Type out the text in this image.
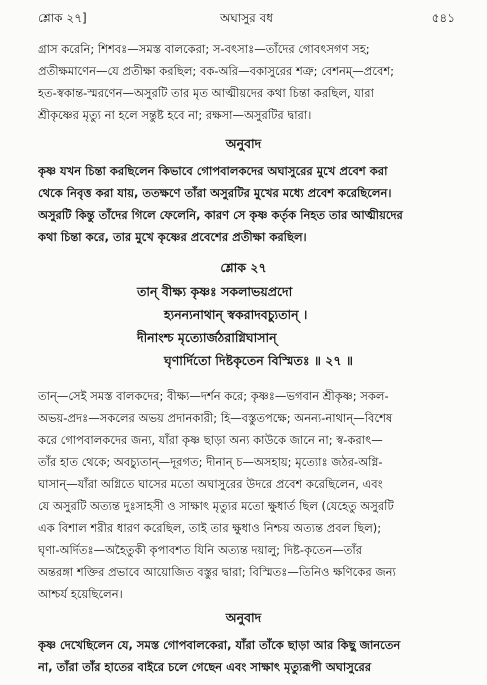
শ্লোক ২৭]	অঘাসুর বধ	৫৪১
গ্রাস করেনি; শিশবঃ—সমস্ত বালকেরা; স-বৎসাঃ—তাঁদের গোবৎসগণ সহ;
প্রতীক্ষমাণেন—যে প্রতীক্ষা করছিল; বক-অরি—বকাসুরের শত্রু; বেশনম্—প্রবেশ;
হত-স্বকান্ত-স্মরণেন—অসুরটি তার মৃত আত্মীয়দের কথা চিন্তা করছিল, যারা
শ্রীকৃষ্ণের মৃত্যু না হলে সন্তুষ্ট হবে না; রক্ষসা—অসুরটির দ্বারা।
অনুবাদ
কৃষ্ণ যখন চিন্তা করছিলেন কিভাবে গোপবালকদের অঘাসুরের মুখে প্রবেশ করা
থেকে নিবৃত্ত করা যায়, ততক্ষণে তাঁরা অসুরটির মুখের মধ্যে প্রবেশ করেছিলেন।
অসুরটি কিন্তু তাঁদের গিলে ফেলেনি, কারণ সে কৃষ্ণ কর্তৃক নিহত তার আত্মীয়দের
কথা চিন্তা করে, তার মুখে কৃষ্ণের প্রবেশের প্রতীক্ষা করছিল।
শ্লোক ২৭
তান্ বীক্ষ্য কৃষ্ণঃ সকলাভয়প্রদো
হ্যনন্যনাথান্ স্বকরাদবচ্যুতান্ ।
দীনাংশ্চ মৃত্যোর্জঠরাগ্নিঘাসান্
ঘৃণার্দিতো দিষ্টকৃতেন বিস্মিতঃ ॥ ২৭ ॥
তান্—সেই সমস্ত বালকদের; বীক্ষ্য—দর্শন করে; কৃষ্ণঃ—ভগবান শ্রীকৃষ্ণ; সকল-
অভয়-প্রদঃ—সকলের অভয় প্রদানকারী; হি—বস্তুতপক্ষে; অনন্য-নাথান্—বিশেষ
করে গোপবালকদের জন্য, যাঁরা কৃষ্ণ ছাড়া অন্য কাউকে জানে না; স্ব-করাৎ—
তাঁর হাত থেকে; অবচ্যুতান্—দূরগত; দীনান্ চ—অসহায়; মৃত্যোঃ জঠর-অগ্নি-
ঘাসান্—যাঁরা অগ্নিতে ঘাসের মতো অঘাসুরের উদরে প্রবেশ করেছিলেন, এবং
যে অসুরটি অত্যন্ত দুঃসাহসী ও সাক্ষাৎ মৃত্যুর মতো ক্ষুধার্ত ছিল (যেহেতু অসুরটি
এক বিশাল শরীর ধারণ করেছিল, তাই তার ক্ষুধাও নিশ্চয় অত্যন্ত প্রবল ছিল);
ঘৃণা-অর্দিতঃ—অহৈতুকী কৃপাবশত যিনি অত্যন্ত দয়ালু; দিষ্ট-কৃতেন—তাঁর
অন্তরঙ্গা শক্তির প্রভাবে আয়োজিত বস্তুর দ্বারা; বিস্মিতঃ—তিনিও ক্ষণিকের জন্য
আশ্চর্য হয়েছিলেন।
অনুবাদ
কৃষ্ণ দেখেছিলেন যে, সমস্ত গোপবালকেরা, যাঁরা তাঁকে ছাড়া আর কিছু জানতেন
না, তাঁরা তাঁর হাতের বাইরে চলে গেছেন এবং সাক্ষাৎ মৃত্যুরূপী অঘাসুরের
